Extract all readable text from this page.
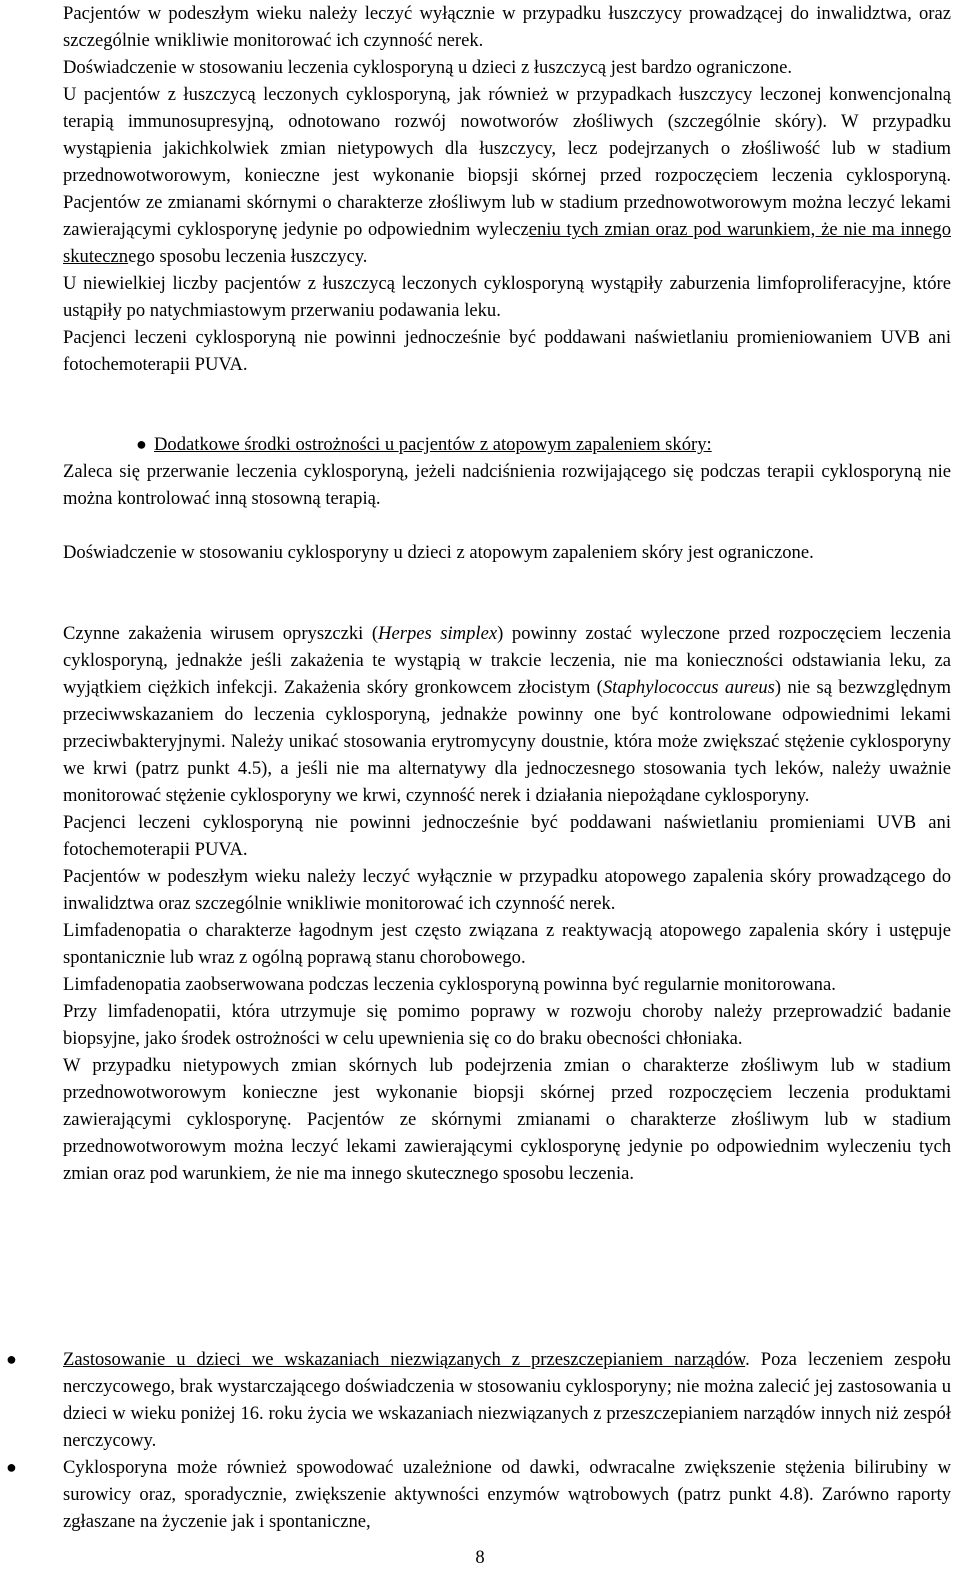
Pacjentów w podeszłym wieku należy leczyć wyłącznie w przypadku łuszczycy prowadzącej do inwalidztwa, oraz szczególnie wnikliwie monitorować ich czynność nerek.

Doświadczenie w stosowaniu leczenia cyklosporyną u dzieci z łuszczycą jest bardzo ograniczone.

U pacjentów z łuszczycą leczonych cyklosporyną, jak również w przypadkach łuszczycy leczonej konwencjonalną terapią immunosupresyjną, odnotowano rozwój nowotworów złośliwych (szczególnie skóry). W przypadku wystąpienia jakichkolwiek zmian nietypowych dla łuszczycy, lecz podejrzanych o złośliwość lub w stadium przednowotworowym, konieczne jest wykonanie biopsji skórnej przed rozpoczęciem leczenia cyklosporyną. Pacjentów ze zmianami skórnymi o charakterze złośliwym lub w stadium przednowotworowym można leczyć lekami zawierającymi cyklosporynę jedynie po odpowiednim wyleczeniu tych zmian oraz pod warunkiem, że nie ma innego skutecznego sposobu leczenia łuszczycy.

U niewielkiej liczby pacjentów z łuszczycą leczonych cyklosporyną wystąpiły zaburzenia limfoproliferacyjne, które ustąpiły po natychmiastowym przerwaniu podawania leku.

Pacjenci leczeni cyklosporyną nie powinni jednocześnie być poddawani naświetlaniu promieniowaniem UVB ani fotochemoterapii PUVA.

● Dodatkowe środki ostrożności u pacjentów z atopowym zapaleniem skóry:

Zaleca się przerwanie leczenia cyklosporyną, jeżeli nadciśnienia rozwijającego się podczas terapii cyklosporyną nie można kontrolować inną stosowną terapią.

Doświadczenie w stosowaniu cyklosporyny u dzieci z atopowym zapaleniem skóry jest ograniczone.

Czynne zakażenia wirusem opryszczki (Herpes simplex) powinny zostać wyleczone przed rozpoczęciem leczenia cyklosporyną, jednakże jeśli zakażenia te wystąpią w trakcie leczenia, nie ma konieczności odstawiania leku, za wyjątkiem ciężkich infekcji. Zakażenia skóry gronkowcem złocistym (Staphylococcus aureus) nie są bezwzględnym przeciwwskazaniem do leczenia cyklosporyną, jednakże powinny one być kontrolowane odpowiednimi lekami przeciwbakteryjnymi. Należy unikać stosowania erytromycyny doustnie, która może zwiększać stężenie cyklosporyny we krwi (patrz punkt 4.5), a jeśli nie ma alternatywy dla jednoczesnego stosowania tych leków, należy uważnie monitorować stężenie cyklosporyny we krwi, czynność nerek i działania niepożądane cyklosporyny.

Pacjenci leczeni cyklosporyną nie powinni jednocześnie być poddawani naświetlaniu promieniami UVB ani fotochemoterapii PUVA.

Pacjentów w podeszłym wieku należy leczyć wyłącznie w przypadku atopowego zapalenia skóry prowadzącego do inwalidztwa oraz szczególnie wnikliwie monitorować ich czynność nerek.

Limfadenopatia o charakterze łagodnym jest często związana z reaktywacją atopowego zapalenia skóry i ustępuje spontanicznie lub wraz z ogólną poprawą stanu chorobowego.

Limfadenopatia zaobserwowana podczas leczenia cyklosporyną powinna być regularnie monitorowana.

Przy limfadenopatii, która utrzymuje się pomimo poprawy w rozwoju choroby należy przeprowadzić badanie biopsyjne, jako środek ostrożności w celu upewnienia się co do braku obecności chłoniaka.

W przypadku nietypowych zmian skórnych lub podejrzenia zmian o charakterze złośliwym lub w stadium przednowotworowym konieczne jest wykonanie biopsji skórnej przed rozpoczęciem leczenia produktami zawierającymi cyklosporynę. Pacjentów ze skórnymi zmianami o charakterze złośliwym lub w stadium przednowotworowym można leczyć lekami zawierającymi cyklosporynę jedynie po odpowiednim wyleczeniu tych zmian oraz pod warunkiem, że nie ma innego skutecznego sposobu leczenia.

● Zastosowanie u dzieci we wskazaniach niezwiązanych z przeszczepianiem narządów. Poza leczeniem zespołu nerczycowego, brak wystarczającego doświadczenia w stosowaniu cyklosporyny; nie można zalecić jej zastosowania u dzieci w wieku poniżej 16. roku życia we wskazaniach niezwiązanych z przeszczepianiem narządów innych niż zespół nerczycowy.

● Cyklosporyna może również spowodować uzależnione od dawki, odwracalne zwiększenie stężenia bilirubiny w surowicy oraz, sporadycznie, zwiększenie aktywności enzymów wątrobowych (patrz punkt 4.8). Zarówno raporty zgłaszane na życzenie jak i spontaniczne,

8
